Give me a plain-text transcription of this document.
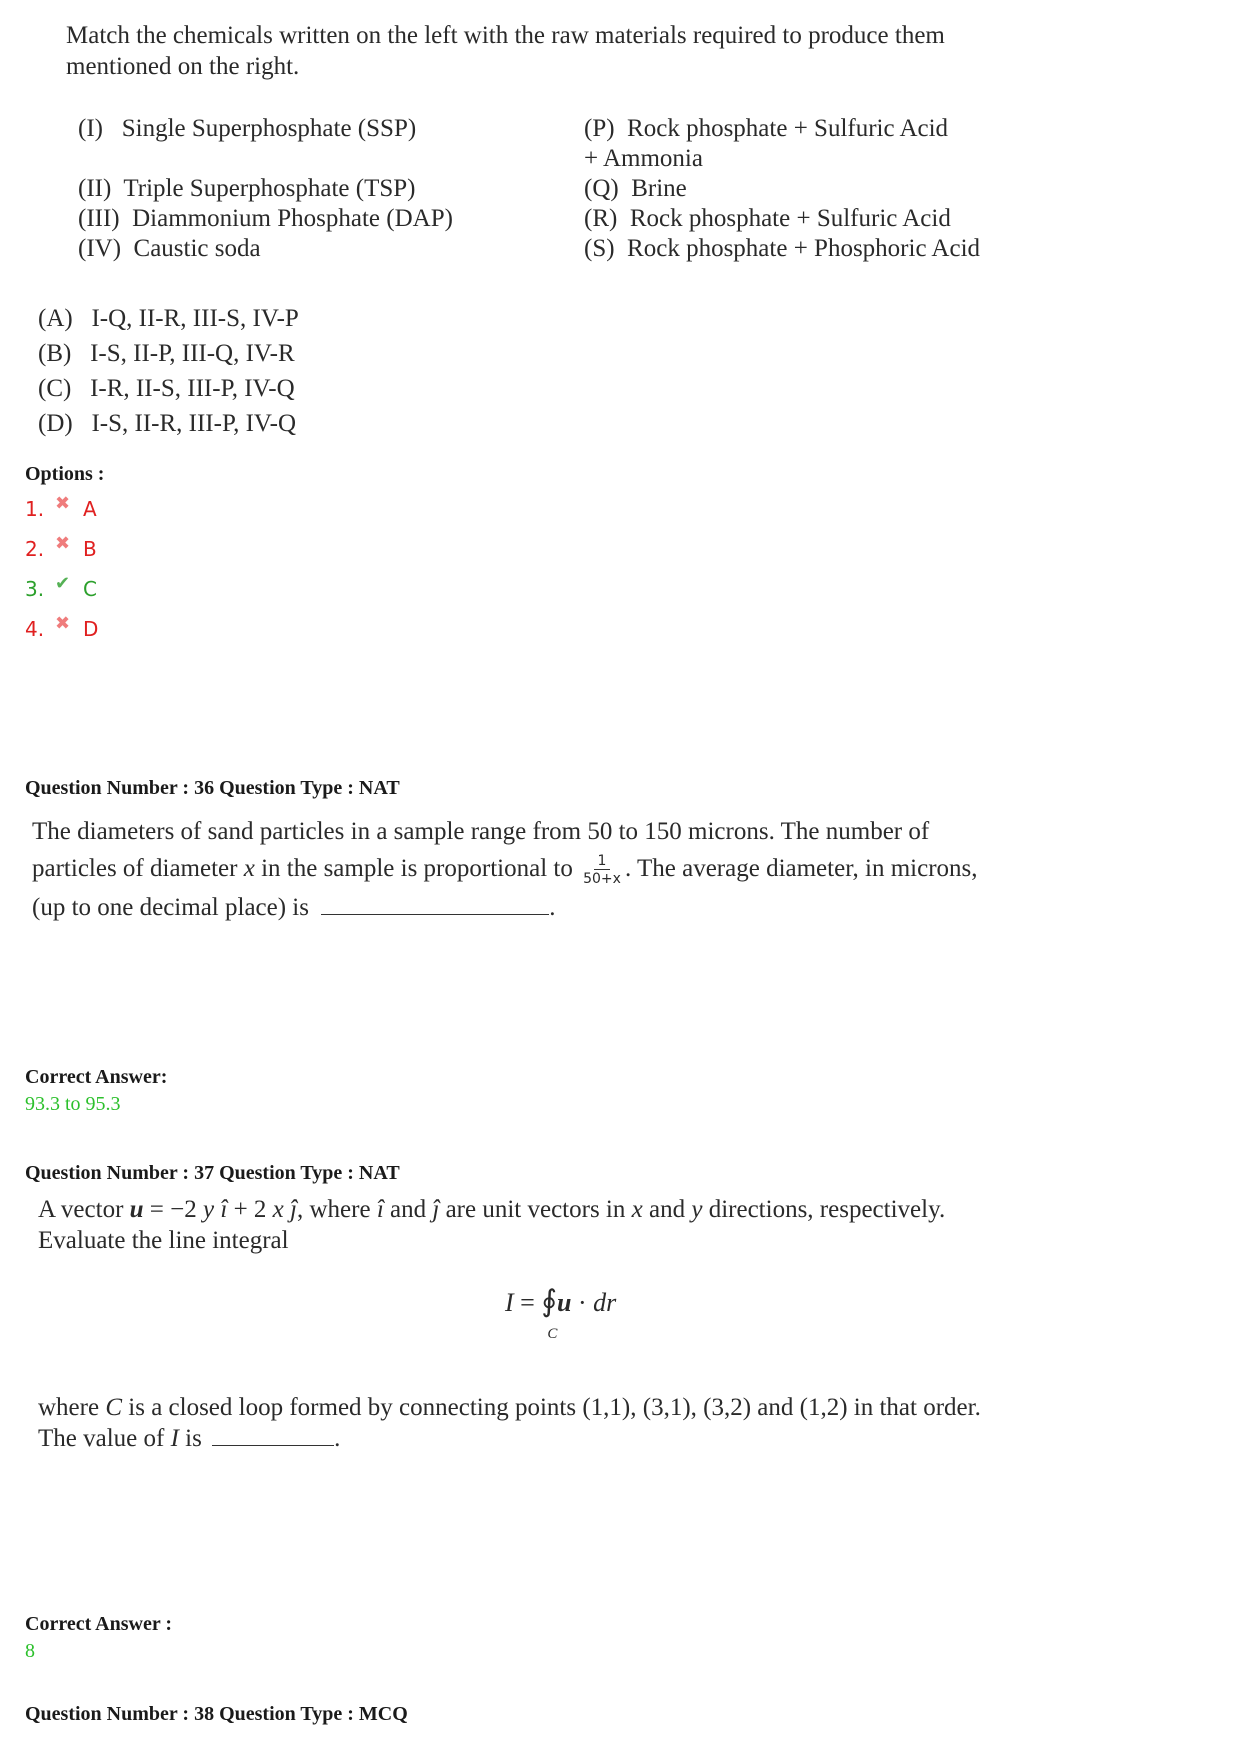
Match the chemicals written on the left with the raw materials required to produce them
mentioned on the right.
(I)   Single Superphosphate (SSP)
(II)  Triple Superphosphate (TSP)
(III)  Diammonium Phosphate (DAP)
(IV)  Caustic soda
(P)  Rock phosphate + Sulfuric Acid
+ Ammonia
(Q)  Brine
(R)  Rock phosphate + Sulfuric Acid
(S)  Rock phosphate + Phosphoric Acid
(A)   I-Q, II-R, III-S, IV-P
(B)   I-S, II-P, III-Q, IV-R
(C)   I-R, II-S, III-P, IV-Q
(D)   I-S, II-R, III-P, IV-Q
Options :
1. ✖ A
2. ✖ B
3. ✔ C
4. ✖ D
Question Number : 36 Question Type : NAT
The diameters of sand particles in a sample range from 50 to 150 microns. The number of
particles of diameter x in the sample is proportional to $\frac{1}{50+x}$ . The average diameter, in microns,
(up to one decimal place) is	.
Correct Answer:
93.3 to 95.3
Question Number : 37 Question Type : NAT
A vector u = −2 y î + 2 x ĵ, where î and ĵ are unit vectors in x and y directions, respectively.
Evaluate the line integral
I = ∮
C
u · dr
where C is a closed loop formed by connecting points (1,1), (3,1), (3,2) and (1,2) in that order.
The value of I is	.
Correct Answer :
8
Question Number : 38 Question Type : MCQ
